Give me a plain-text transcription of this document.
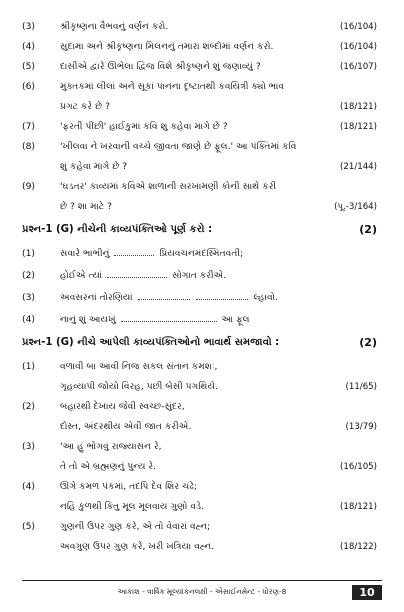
(3)	શ્રીકૃષ્ણના વૈભવનું વર્ણન કરો.	(16/104)
(4)	સુદામા અને શ્રીકૃષ્ણના મિલનનું તમારા શબ્દોમાં વર્ણન કરો.	(16/104)
(5)	દાસીએ દ્વારે ઊભેલા દ્વિજ વિશે શ્રીકૃષ્ણને શું જણાવ્યું ?	(16/107)
(6)	મુક્તકમાં લીલાં અને સૂકાં પાનના દૃષ્ટાંતથી કવયિત્રી ક્યો ભાવ
પ્રગટ કરે છે ?	(18/121)
(7)	'ફરતી પીંછી' હાઈકુમાં કવિ શું કહેવા માગે છે ?	(18/121)
(8)	'ખીલવા ને ખરવાની વચ્ચે જીવતા જાણે છે ફૂલ.' આ પંક્તિમાં કવિ
શું કહેવા માગે છે ?	(21/144)
(9)	'ઘડતર' કાવ્યમાં કવિએ શાળાની સરખામણી કોની સાથે કરી
છે ? શા માટે ?	(પૂ.-3/164)
પ્રશ્ન-1 (G) નીચેની કાવ્યપંક્તિઓ પૂર્ણ કરો :	(2)
(1)	સવારે ભાભીનું	પ્રિયવચનમંદસ્મિતવતી;
(2)	હોઈએ ત્યાં	સોગાત કરીએ.
(3)	અવસરનાં તોરણિયાં	લ્હાવો.
(4)	નાનું શું આયખું	આ ફૂલ
પ્રશ્ન-1 (G) નીચે આપેલી કાવ્યપંક્તિઓનો ભાવાર્થ સમજાવો :	(2)
(1)	વળાવી બા આવી નિજ સકલ સંતાન કમશઃ,
ગૃહવ્યાપી જોયો વિરહ, પછી બેસી પગથિયે.	(11/65)
(2)	બહારથી દેખાય જેવી સ્વચ્છ-સુંદર,
દોસ્ત, અંદરથીય એવી જાત કરીએ.	(13/79)
(3)	'આ હું ભોગવું રાજ્યાસન રે,
તે તો એ બ્રહ્મણનું પુન્ય રે.	(16/105)
(4)	ઊગે કમળ પંકમાં, તદપિ દેવ શિર ચઢે;
નહિ કુળથી કિંતુ મૂલ મૂલવાય ગુણો વડે.	(18/121)
(5)	ગુણની ઉપર ગુણ કરે, એ તો વેવારાં વહ્ન;
અવગુણ ઉપર ગુણ કરે, ખરી ખત્રિયા વહ્ન.	(18/122)
આકાશ - વાર્ષિક મૂલ્યાંકનલક્ષી - એસાઈનમેન્ટ - ધોરણ-8	10
